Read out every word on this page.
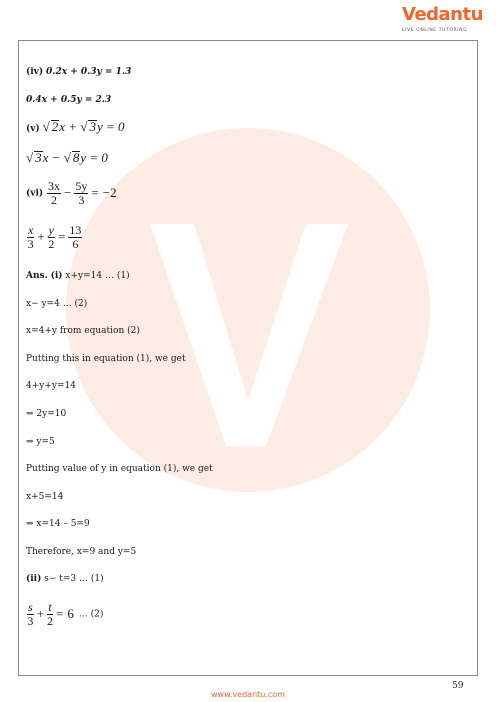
Vedantu
LIVE ONLINE TUTORING
(iv) 0.2x + 0.3y = 1.3
0.4x + 0.5y = 2.3
(v) √ 2x + √ 3y = 0
√ 3x − √ 8y = 0
$(vi) \frac{3x}{2} - \frac{5y}{3} = -2$
$\frac{x}{3} + \frac{y}{2} = \frac{13}{6}$
Ans. (i) x+y=14 … (1)
x− y=4 … (2)
x=4+y from equation (2)
Putting this in equation (1), we get
4+y+y=14
⇒ 2y=10
⇒ y=5
Putting value of y in equation (1), we get
x+5=14
⇒ x=14 – 5=9
Therefore, x=9 and y=5
(ii) s− t=3 … (1)
$\frac{s}{3} + \frac{t}{2} = 6$ … (2)
59
www.vedantu.com
